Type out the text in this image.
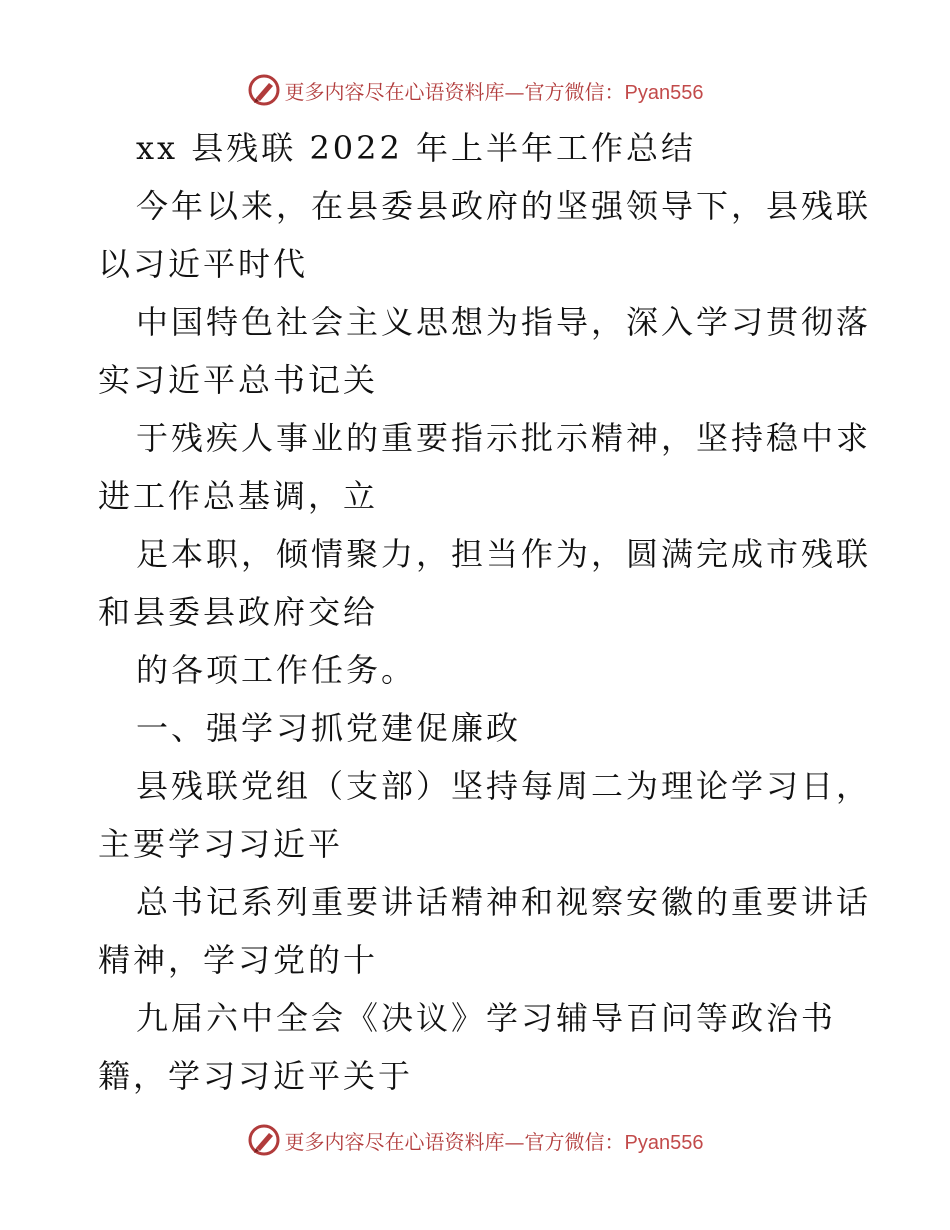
更多内容尽在心语资料库—官方微信：Pyan556
xx 县残联 2022 年上半年工作总结
今年以来，在县委县政府的坚强领导下，县残联
以习近平时代
中国特色社会主义思想为指导，深入学习贯彻落
实习近平总书记关
于残疾人事业的重要指示批示精神，坚持稳中求
进工作总基调，立
足本职，倾情聚力，担当作为，圆满完成市残联
和县委县政府交给
的各项工作任务。
一、强学习抓党建促廉政
县残联党组（支部）坚持每周二为理论学习日，
主要学习习近平
总书记系列重要讲话精神和视察安徽的重要讲话
精神，学习党的十
九届六中全会《决议》学习辅导百问等政治书
籍，学习习近平关于
更多内容尽在心语资料库—官方微信：Pyan556
